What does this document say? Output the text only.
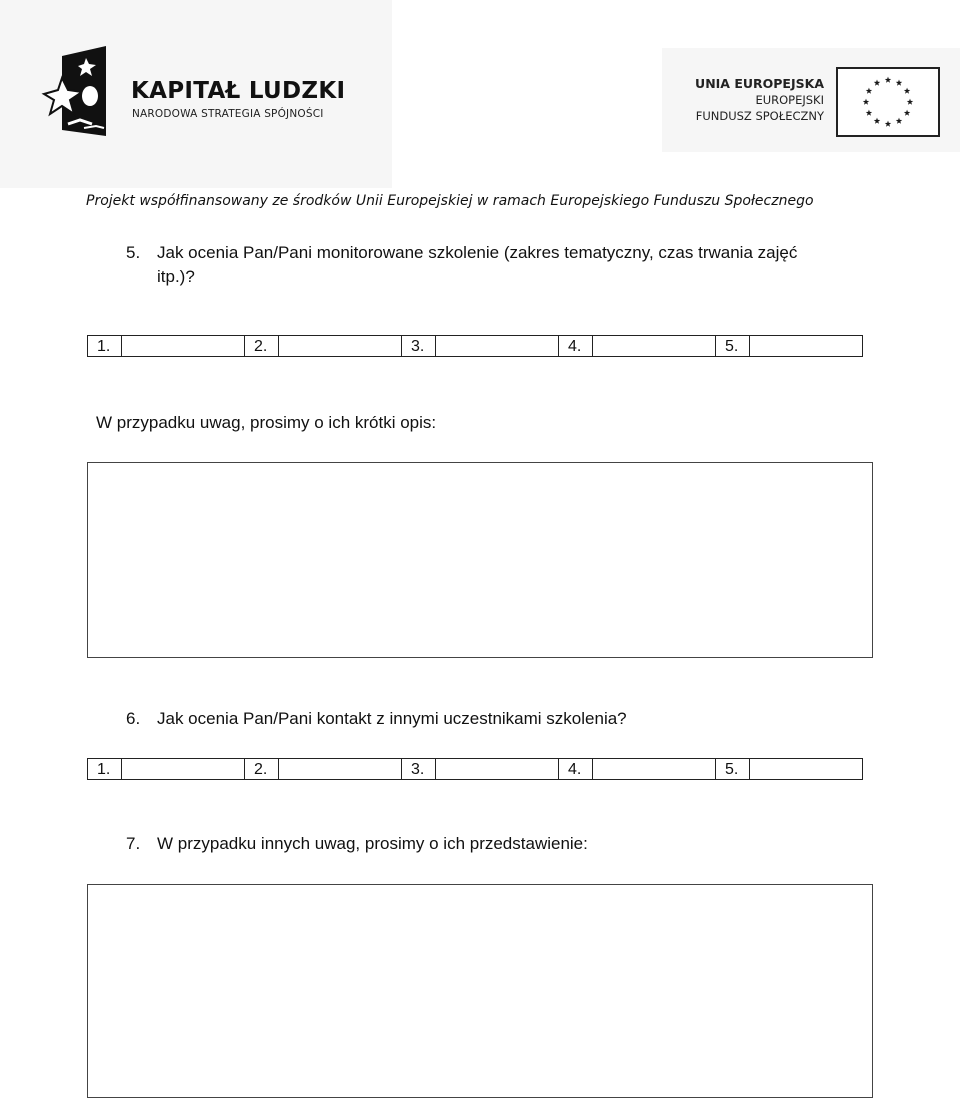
KAPITAŁ LUDZKI
NARODOWA STRATEGIA SPÓJNOŚCI
UNIA EUROPEJSKA
EUROPEJSKI
FUNDUSZ SPOŁECZNY
Projekt współfinansowany ze środków Unii Europejskiej w ramach Europejskiego Funduszu Społecznego
5. Jak ocenia Pan/Pani monitorowane szkolenie (zakres tematyczny, czas trwania zajęć
itp.)?
1.	2.	3.	4.	5.
W przypadku uwag, prosimy o ich krótki opis:
6. Jak ocenia Pan/Pani kontakt z innymi uczestnikami szkolenia?
1.	2.	3.	4.	5.
7. W przypadku innych uwag, prosimy o ich przedstawienie:
